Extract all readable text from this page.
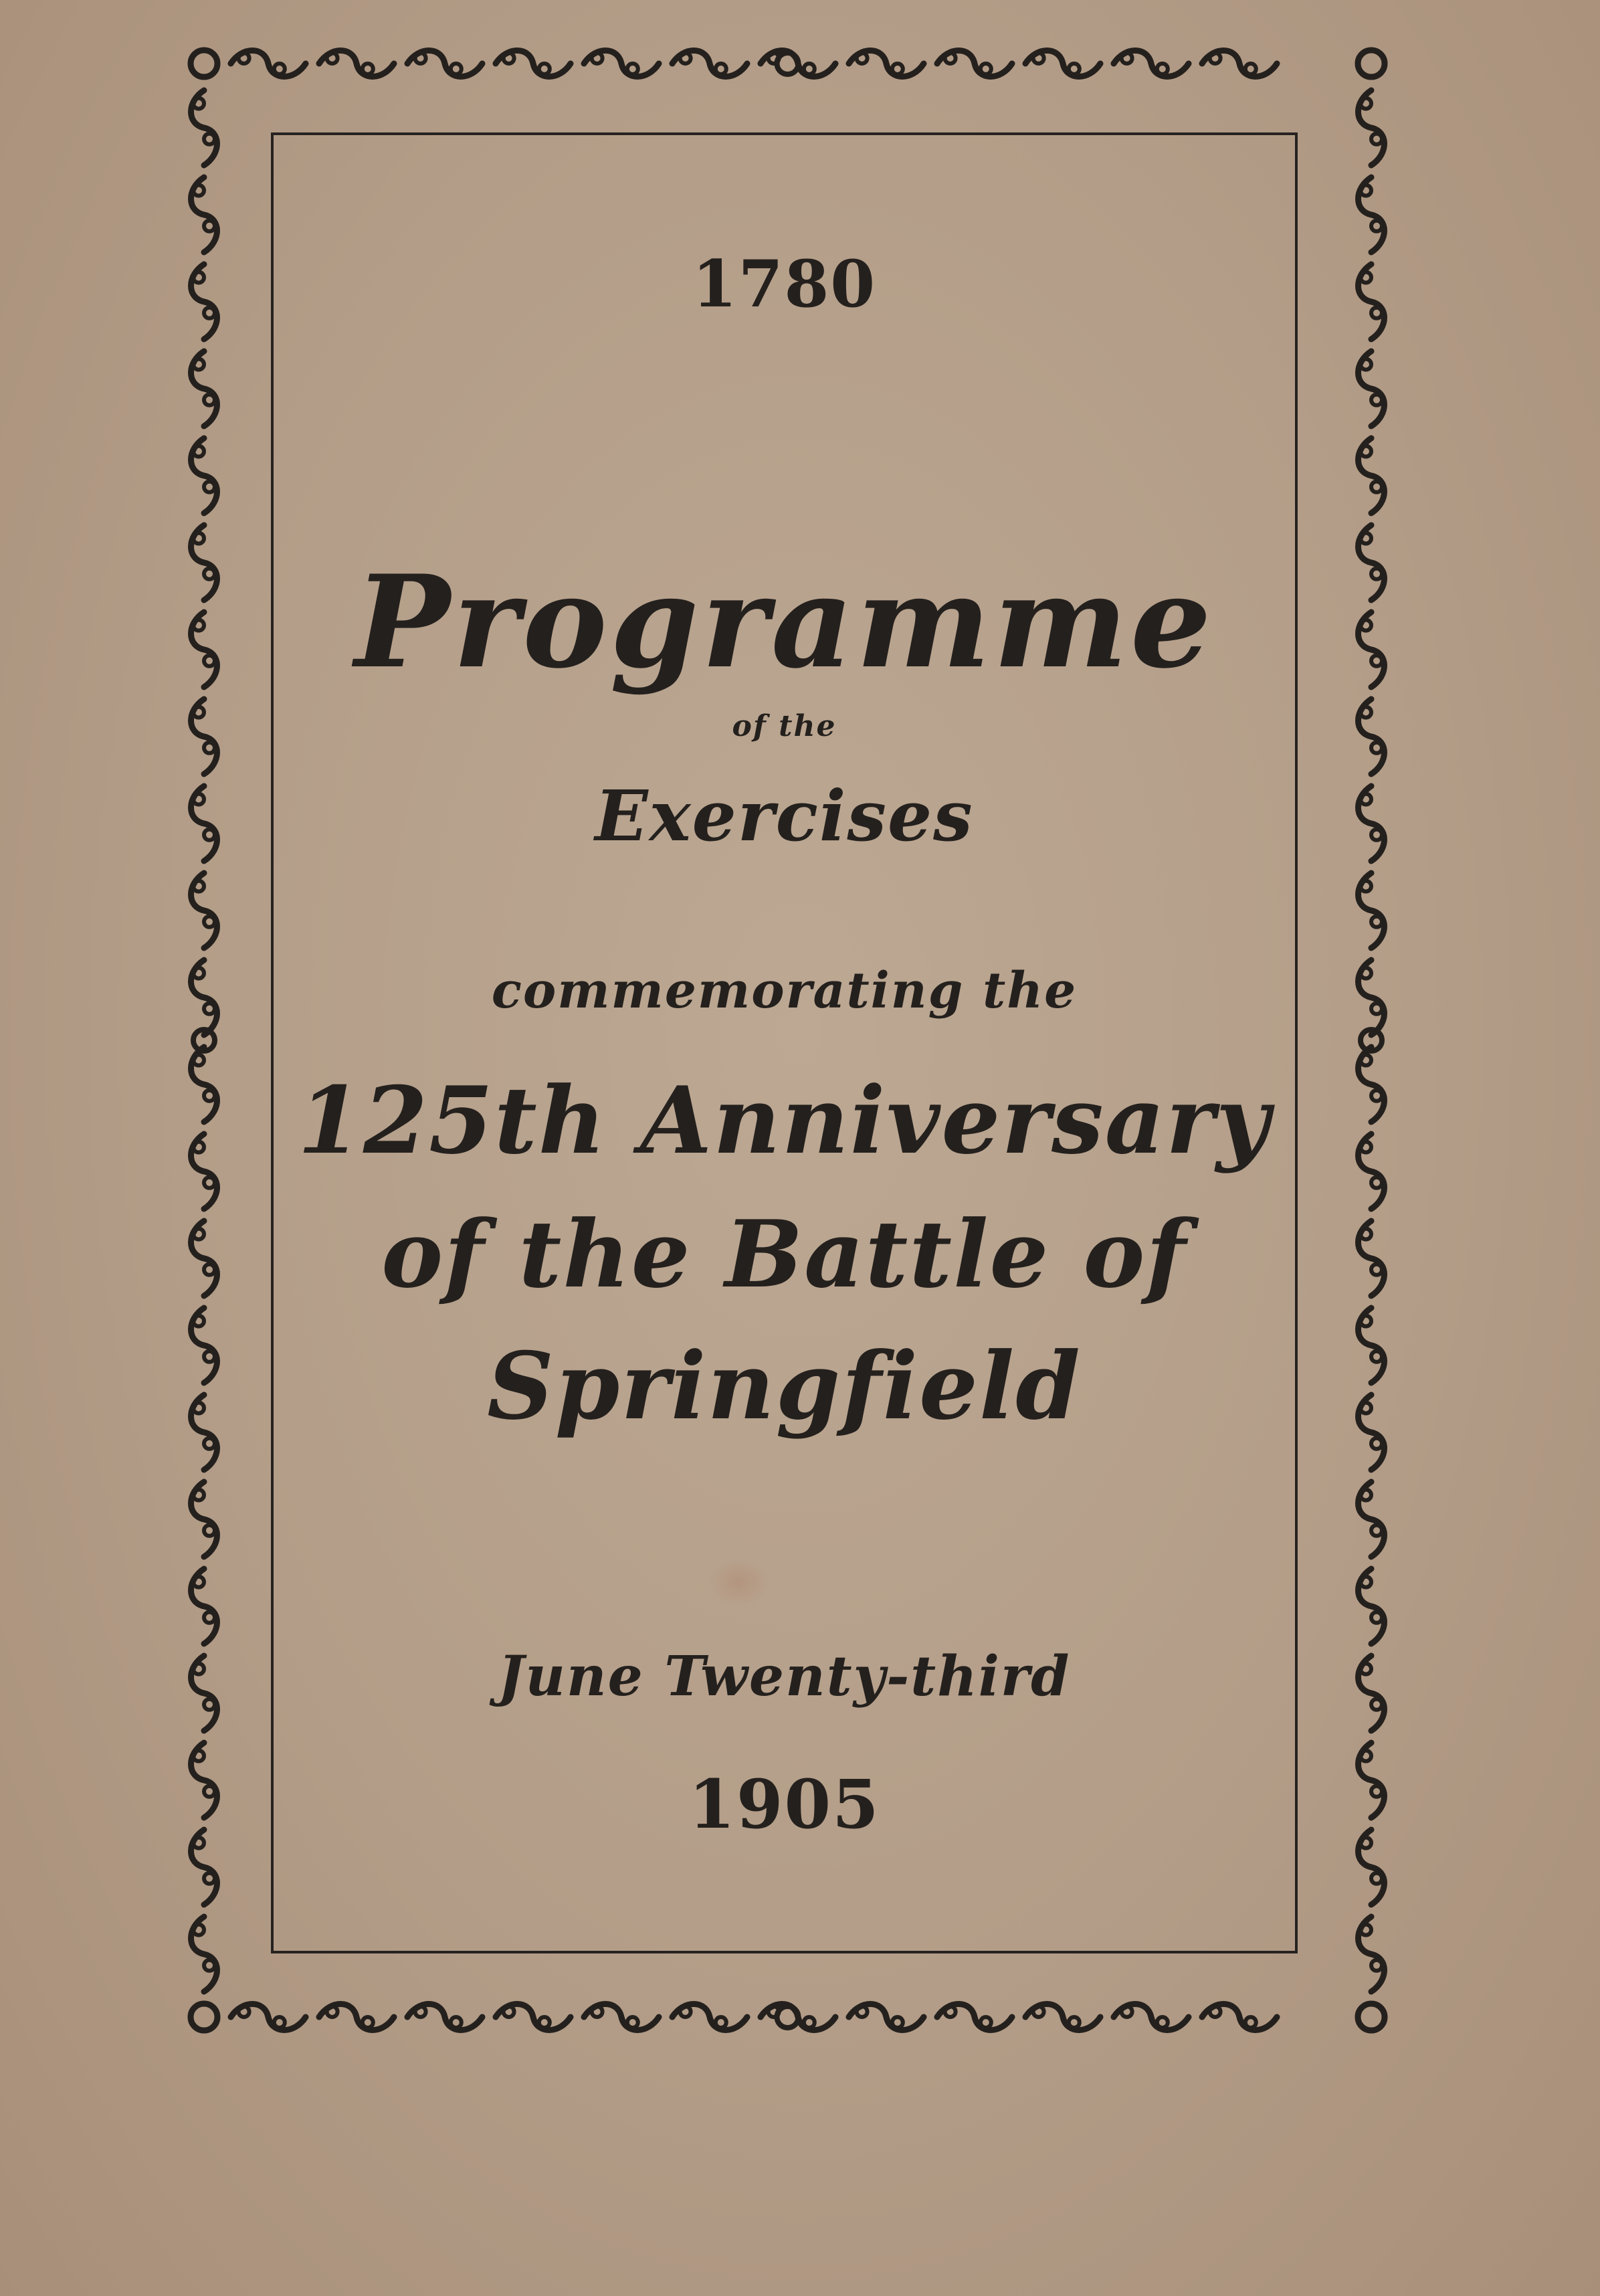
1780

Programme

of the

Exercises

commemorating the

125th Anniversary

of the Battle of

Springfield

June Twenty-third

1905
